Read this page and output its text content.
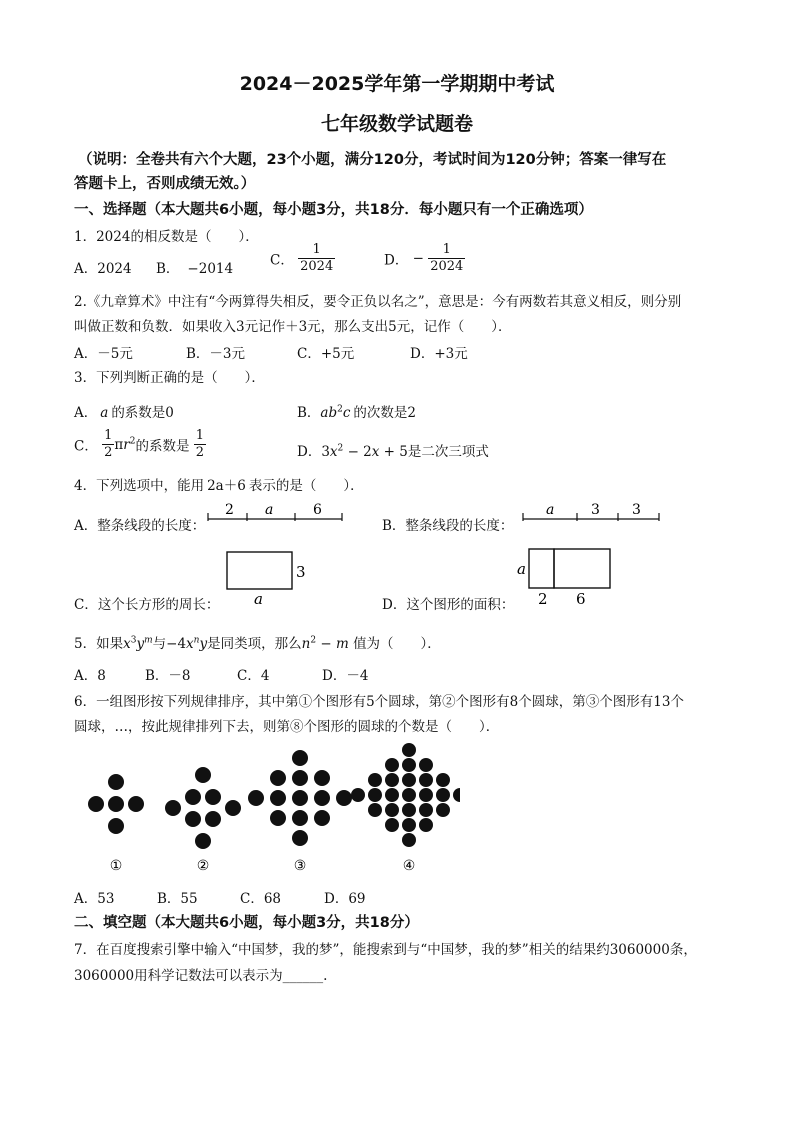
2024－2025学年第一学期期中考试
七年级数学试题卷
（说明：全卷共有六个大题，23个小题，满分120分，考试时间为120分钟；答案一律写在
答题卡上，否则成绩无效。）
一、选择题（本大题共6小题，每小题3分，共18分．每小题只有一个正确选项）
1．2024的相反数是（　　）．
A．2024 B． −2014
C． $\frac{1}{2024}$	D． − $\frac{1}{2024}$
2.《九章算术》中注有“今两算得失相反，要令正负以名之”，意思是：今有两数若其意义相反，则分别
叫做正数和负数．如果收入3元记作＋3元，那么支出5元，记作（　　）．
A．－5元	B．－3元	C．+5元	D．+3元
3．下列判断正确的是（　　）．
A． a 的系数是0	B．$ab^2c$ 的次数是2
C． $\frac{1}{2} \pi r^2$的系数是 $\frac{1}{2}$	D．$3x^2 - 2x + 5$是二次三项式
4．下列选项中，能用 2a＋6 表示的是（　　）．
A．整条线段的长度：
2 a	6
B．整条线段的长度：
a	3 3
3
a
C．这个长方形的周长：
a
2 6
D．这个图形的面积：
5．如果$x^3y^m$与$-4x^ny$是同类项，那么$n^2 - m$ 值为（　　）．
A．8	B．－8	C．4	D．－4
6．一组图形按下列规律排序，其中第①个图形有5个圆球，第②个图形有8个圆球，第③个图形有13个
圆球，…，按此规律排列下去，则第⑧个图形的圆球的个数是（　　）．
①	②	③	④
A．53	B．55	C．68	D．69
二、填空题（本大题共6小题，每小题3分，共18分）
7．在百度搜索引擎中输入“中国梦，我的梦”，能搜索到与“中国梦，我的梦”相关的结果约3060000条，
3060000用科学记数法可以表示为______.
